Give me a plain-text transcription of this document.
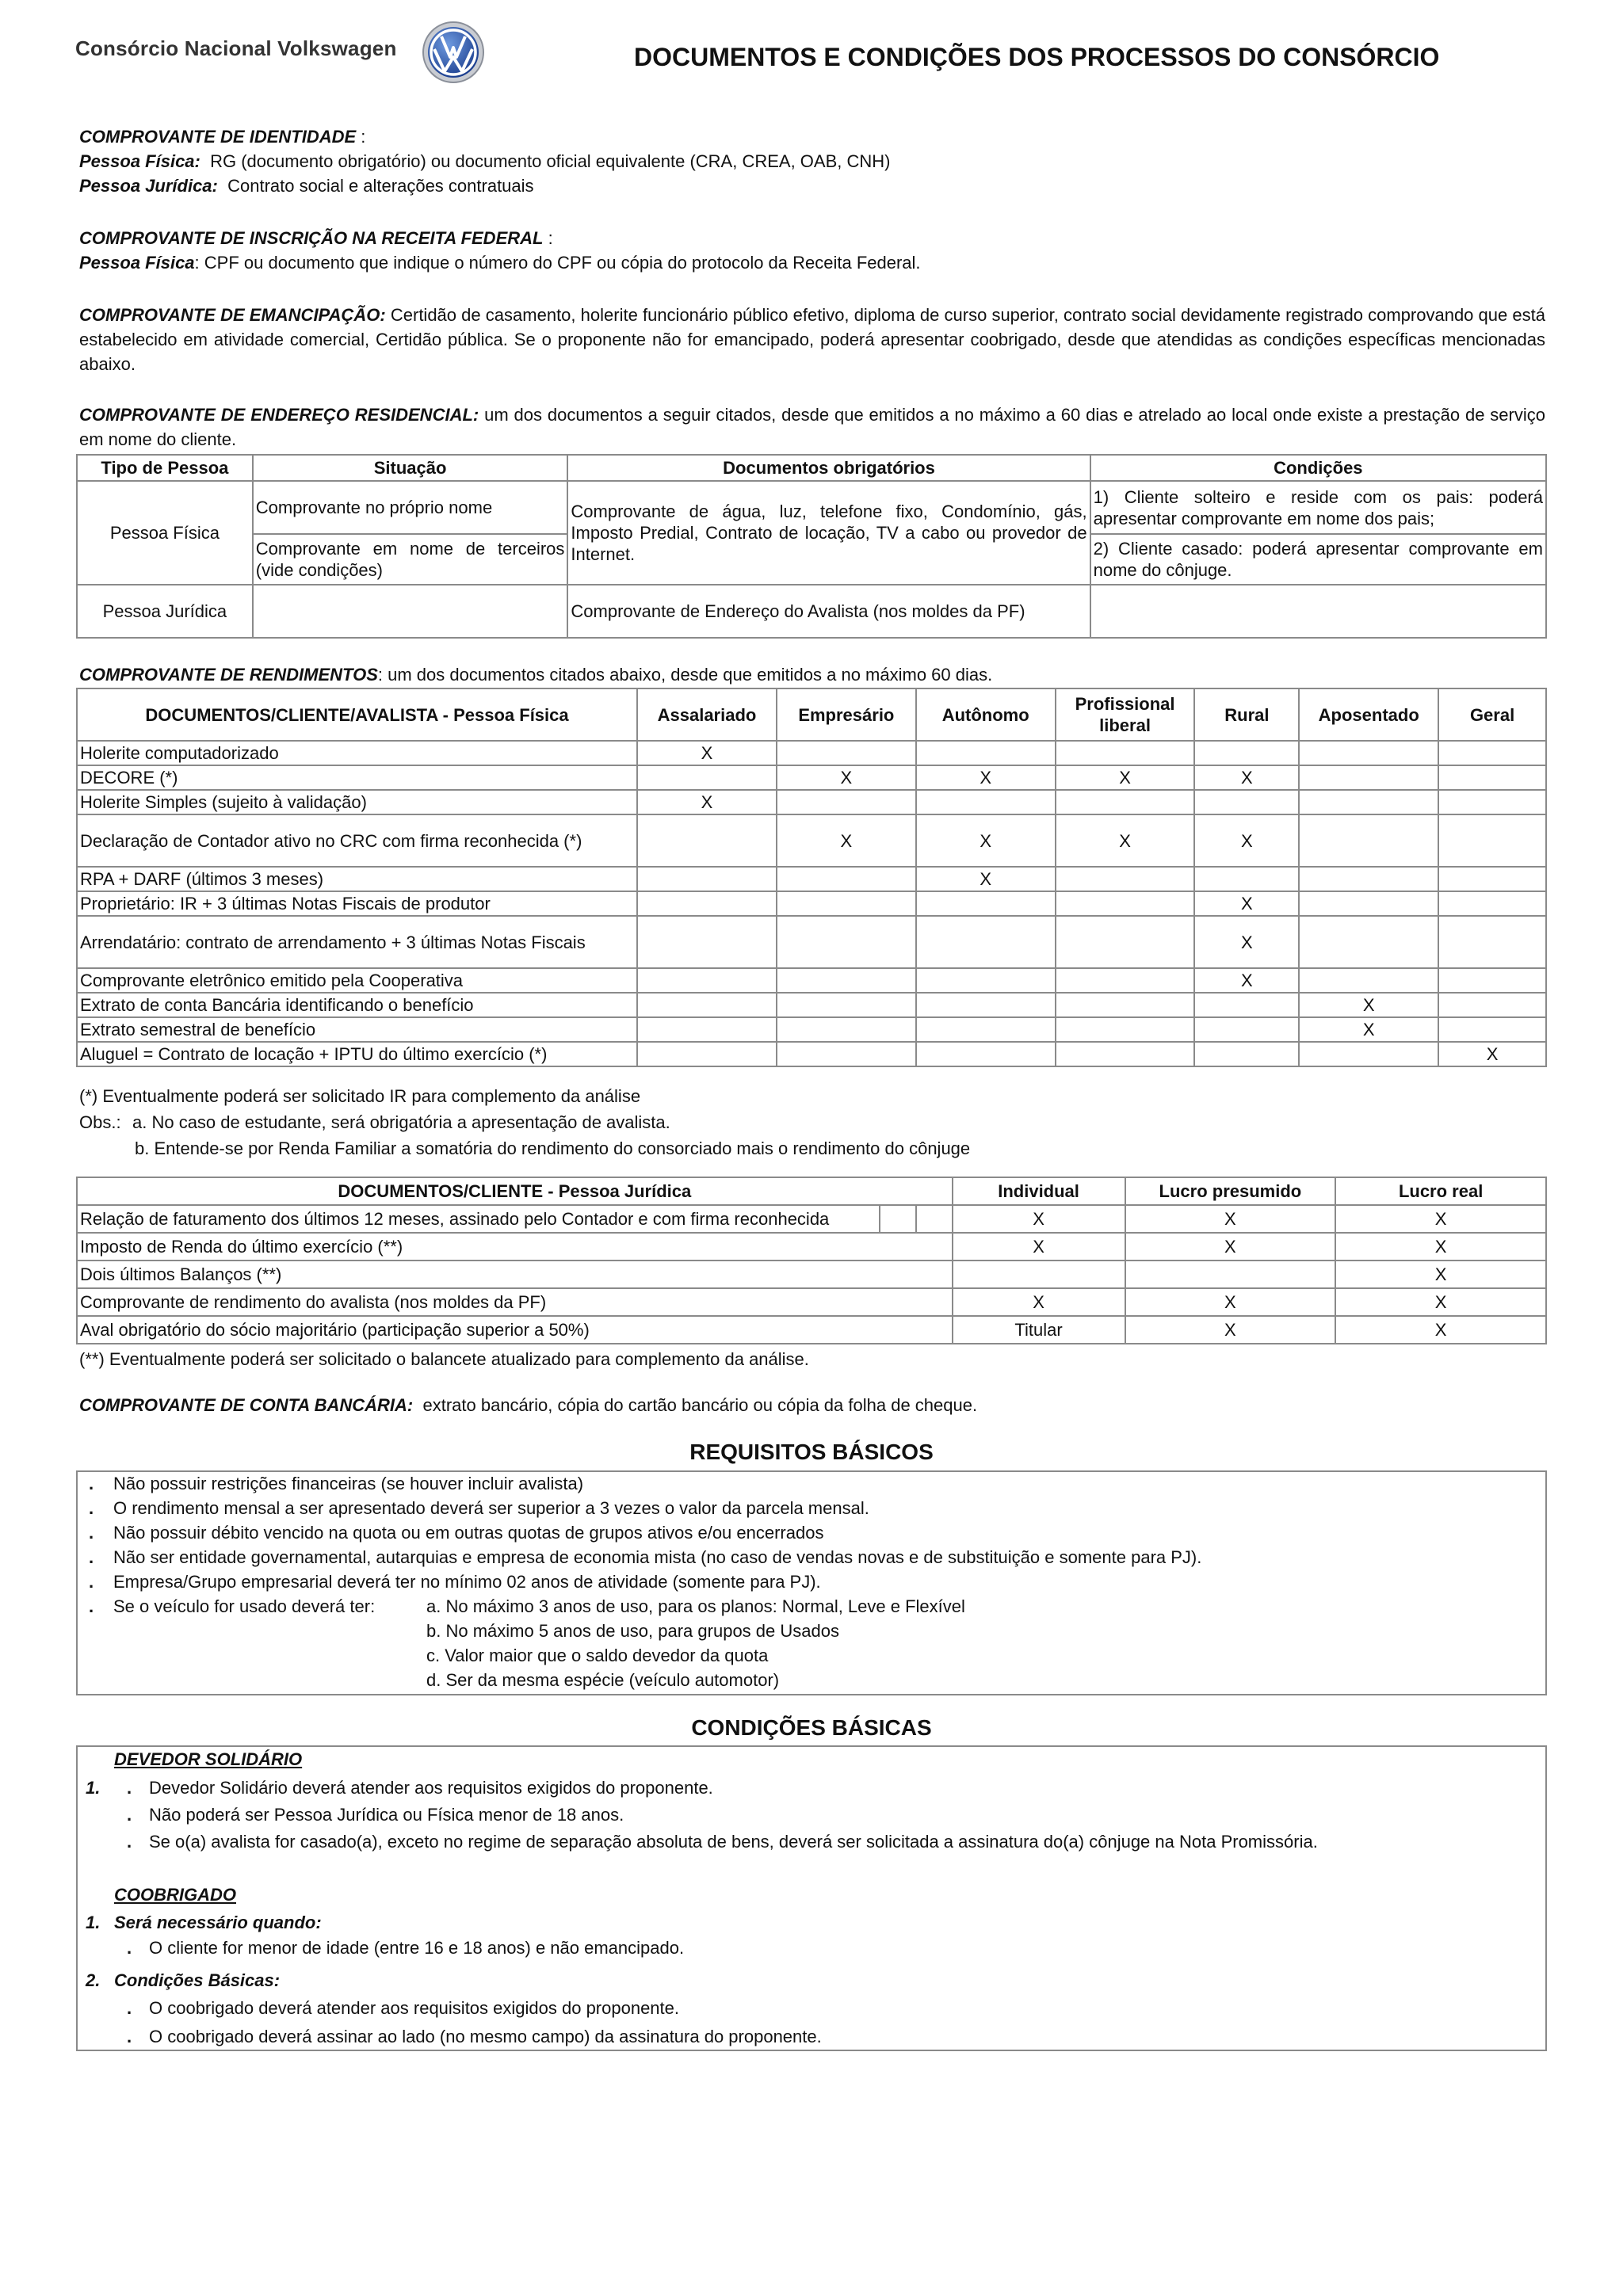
Consórcio Nacional Volkswagen	DOCUMENTOS E CONDIÇÕES DOS PROCESSOS DO CONSÓRCIO
COMPROVANTE DE IDENTIDADE :
Pessoa Física: RG (documento obrigatório) ou documento oficial equivalente (CRA, CREA, OAB, CNH)
Pessoa Jurídica: Contrato social e alterações contratuais
COMPROVANTE DE INSCRIÇÃO NA RECEITA FEDERAL :
Pessoa Física: CPF ou documento que indique o número do CPF ou cópia do protocolo da Receita Federal.
COMPROVANTE DE EMANCIPAÇÃO: Certidão de casamento, holerite funcionário público efetivo, diploma de curso superior, contrato social devidamente registrado comprovando que está estabelecido em atividade comercial, Certidão pública. Se o proponente não for emancipado, poderá apresentar coobrigado, desde que atendidas as condições específicas mencionadas abaixo.
COMPROVANTE DE ENDEREÇO RESIDENCIAL: um dos documentos a seguir citados, desde que emitidos a no máximo a 60 dias e atrelado ao local onde existe a prestação de serviço em nome do cliente.
Tipo de Pessoa	Situação	Documentos obrigatórios	Condições
Pessoa Física	Comprovante no próprio nome	Comprovante de água, luz, telefone fixo, Condomínio, gás, Imposto Predial, Contrato de locação, TV a cabo ou provedor de Internet.	1) Cliente solteiro e reside com os pais: poderá apresentar comprovante em nome dos pais;
	Comprovante em nome de terceiros (vide condições)		2) Cliente casado: poderá apresentar comprovante em nome do cônjuge.
Pessoa Jurídica		Comprovante de Endereço do Avalista (nos moldes da PF)	
COMPROVANTE DE RENDIMENTOS: um dos documentos citados abaixo, desde que emitidos a no máximo 60 dias.
DOCUMENTOS/CLIENTE/AVALISTA - Pessoa Física	Assalariado	Empresário	Autônomo	Profissional liberal	Rural	Aposentado	Geral
Holerite computadorizado	X						
DECORE (*)		X	X	X	X		
Holerite Simples (sujeito à validação)	X						
Declaração de Contador ativo no CRC com firma reconhecida (*)		X	X	X	X		
RPA + DARF (últimos 3 meses)			X				
Proprietário: IR + 3 últimas Notas Fiscais de produtor					X		
Arrendatário: contrato de arrendamento + 3 últimas Notas Fiscais					X		
Comprovante eletrônico emitido pela Cooperativa					X		
Extrato de conta Bancária identificando o benefício						X	
Extrato semestral de benefício						X	
Aluguel = Contrato de locação + IPTU do último exercício (*)							X
(*) Eventualmente poderá ser solicitado IR para complemento da análise
Obs.: a. No caso de estudante, será obrigatória a apresentação de avalista.
b. Entende-se por Renda Familiar a somatória do rendimento do consorciado mais o rendimento do cônjuge
DOCUMENTOS/CLIENTE - Pessoa Jurídica			Individual	Lucro presumido	Lucro real
Relação de faturamento dos últimos 12 meses, assinado pelo Contador e com firma reconhecida			X	X	X
Imposto de Renda do último exercício (**)			X	X	X
Dois últimos Balanços (**)					X
Comprovante de rendimento do avalista (nos moldes da PF)			X	X	X
Aval obrigatório do sócio majoritário (participação superior a 50%)			Titular	X	X
(**) Eventualmente poderá ser solicitado o balancete atualizado para complemento da análise.
COMPROVANTE DE CONTA BANCÁRIA: extrato bancário, cópia do cartão bancário ou cópia da folha de cheque.
REQUISITOS BÁSICOS
. Não possuir restrições financeiras (se houver incluir avalista)
. O rendimento mensal a ser apresentado deverá ser superior a 3 vezes o valor da parcela mensal.
. Não possuir débito vencido na quota ou em outras quotas de grupos ativos e/ou encerrados
. Não ser entidade governamental, autarquias e empresa de economia mista (no caso de vendas novas e de substituição e somente para PJ).
. Empresa/Grupo empresarial deverá ter no mínimo 02 anos de atividade (somente para PJ).
. Se o veículo for usado deverá ter:	a. No máximo 3 anos de uso, para os planos: Normal, Leve e Flexível
b. No máximo 5 anos de uso, para grupos de Usados
c. Valor maior que o saldo devedor da quota
d. Ser da mesma espécie (veículo automotor)
CONDIÇÕES BÁSICAS
DEVEDOR SOLIDÁRIO
1. . Devedor Solidário deverá atender aos requisitos exigidos do proponente.
. Não poderá ser Pessoa Jurídica ou Física menor de 18 anos.
. Se o(a) avalista for casado(a), exceto no regime de separação absoluta de bens, deverá ser solicitada a assinatura do(a) cônjuge na Nota Promissória.
COOBRIGADO
1. Será necessário quando:
. O cliente for menor de idade (entre 16 e 18 anos) e não emancipado.
2. Condições Básicas:
. O coobrigado deverá atender aos requisitos exigidos do proponente.
. O coobrigado deverá assinar ao lado (no mesmo campo) da assinatura do proponente.
